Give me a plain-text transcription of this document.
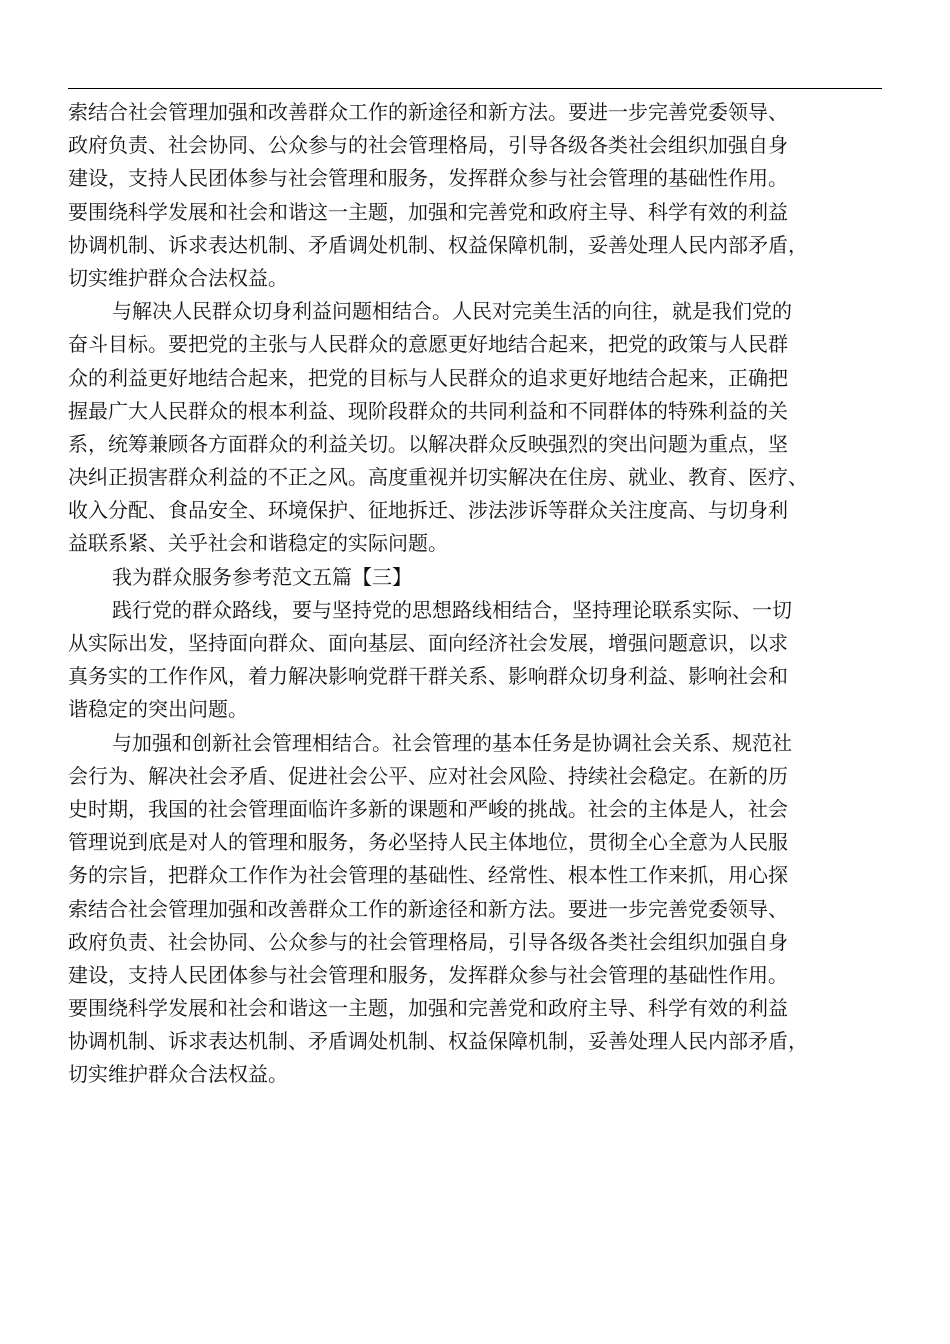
索结合社会管理加强和改善群众工作的新途径和新方法。要进一步完善党委领导、
政府负责、社会协同、公众参与的社会管理格局，引导各级各类社会组织加强自身
建设，支持人民团体参与社会管理和服务，发挥群众参与社会管理的基础性作用。
要围绕科学发展和社会和谐这一主题，加强和完善党和政府主导、科学有效的利益
协调机制、诉求表达机制、矛盾调处机制、权益保障机制，妥善处理人民内部矛盾，
切实维护群众合法权益。
与解决人民群众切身利益问题相结合。人民对完美生活的向往，就是我们党的
奋斗目标。要把党的主张与人民群众的意愿更好地结合起来，把党的政策与人民群
众的利益更好地结合起来，把党的目标与人民群众的追求更好地结合起来，正确把
握最广大人民群众的根本利益、现阶段群众的共同利益和不同群体的特殊利益的关
系，统筹兼顾各方面群众的利益关切。以解决群众反映强烈的突出问题为重点，坚
决纠正损害群众利益的不正之风。高度重视并切实解决在住房、就业、教育、医疗、
收入分配、食品安全、环境保护、征地拆迁、涉法涉诉等群众关注度高、与切身利
益联系紧、关乎社会和谐稳定的实际问题。
我为群众服务参考范文五篇【三】
践行党的群众路线，要与坚持党的思想路线相结合，坚持理论联系实际、一切
从实际出发，坚持面向群众、面向基层、面向经济社会发展，增强问题意识，以求
真务实的工作作风，着力解决影响党群干群关系、影响群众切身利益、影响社会和
谐稳定的突出问题。
与加强和创新社会管理相结合。社会管理的基本任务是协调社会关系、规范社
会行为、解决社会矛盾、促进社会公平、应对社会风险、持续社会稳定。在新的历
史时期，我国的社会管理面临许多新的课题和严峻的挑战。社会的主体是人，社会
管理说到底是对人的管理和服务，务必坚持人民主体地位，贯彻全心全意为人民服
务的宗旨，把群众工作作为社会管理的基础性、经常性、根本性工作来抓，用心探
索结合社会管理加强和改善群众工作的新途径和新方法。要进一步完善党委领导、
政府负责、社会协同、公众参与的社会管理格局，引导各级各类社会组织加强自身
建设，支持人民团体参与社会管理和服务，发挥群众参与社会管理的基础性作用。
要围绕科学发展和社会和谐这一主题，加强和完善党和政府主导、科学有效的利益
协调机制、诉求表达机制、矛盾调处机制、权益保障机制，妥善处理人民内部矛盾，
切实维护群众合法权益。
